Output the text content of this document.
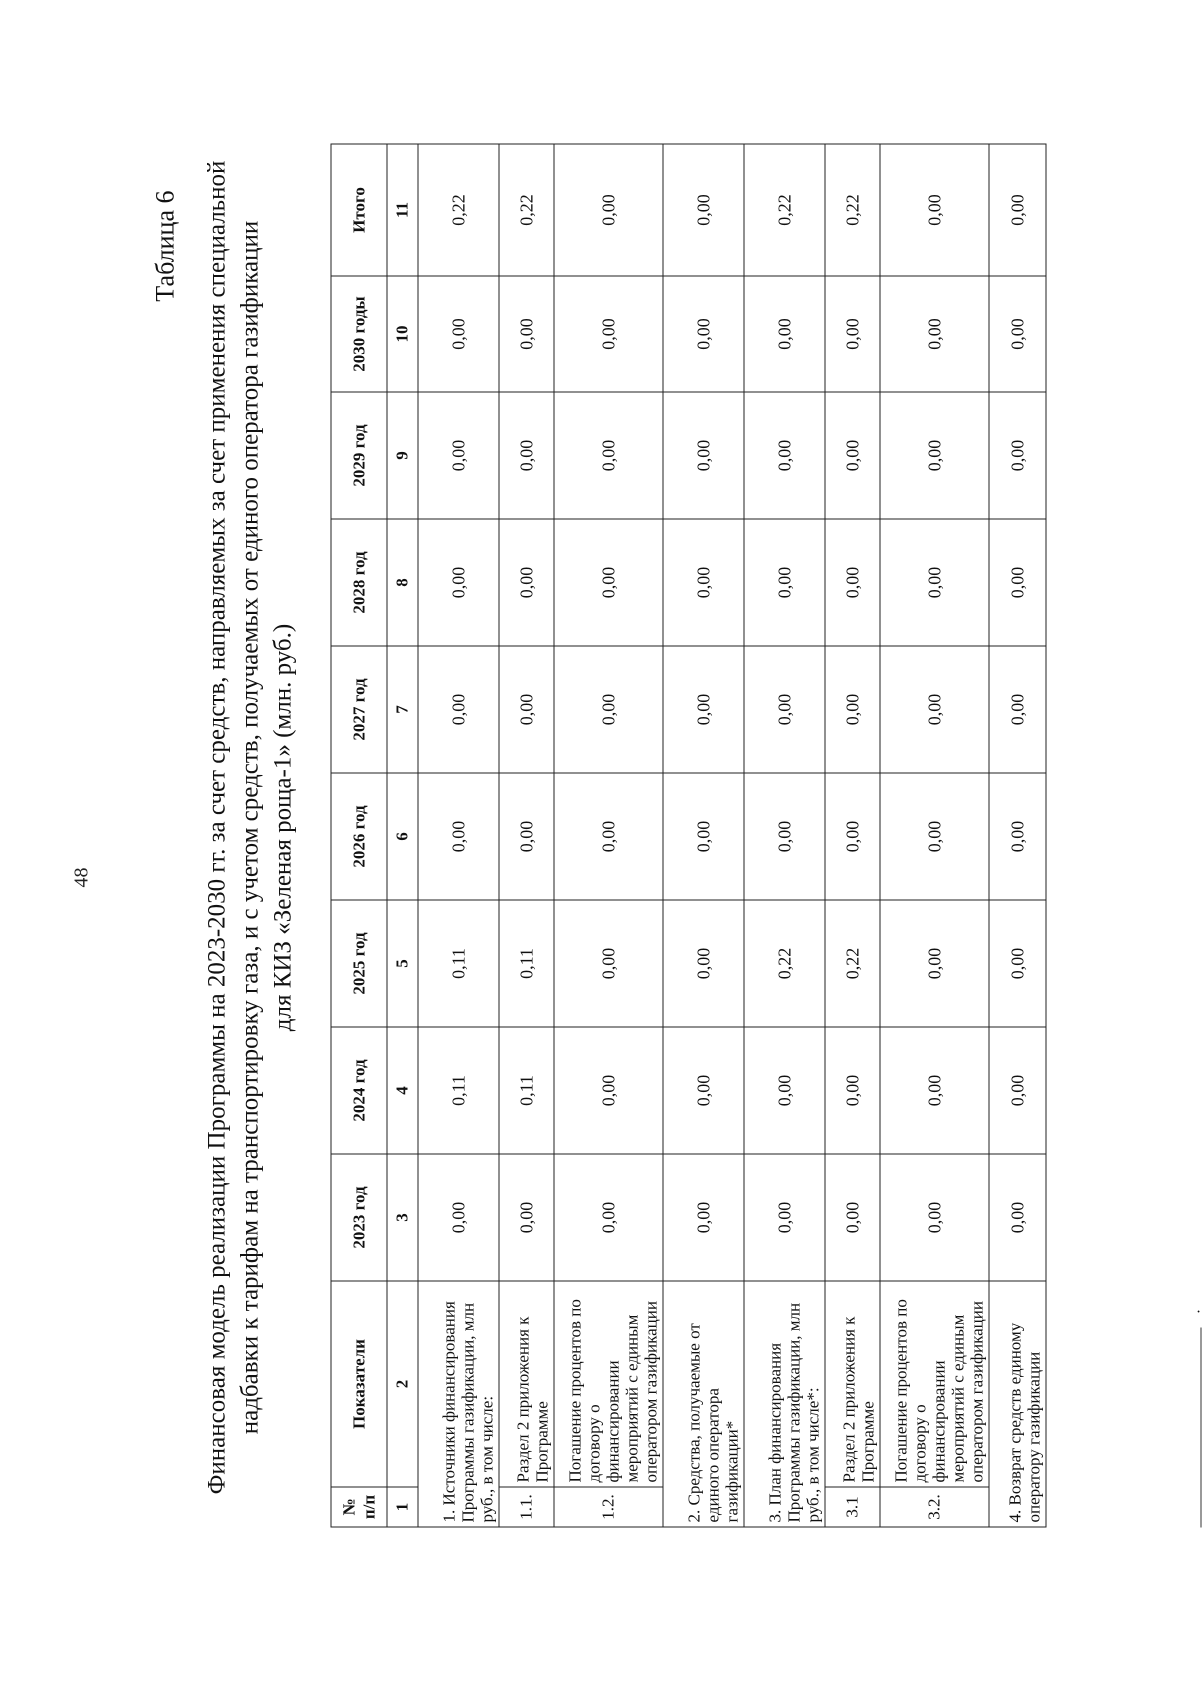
48
Таблица 6 Финансовая модель реализации Программы на 2023-2030 гг. за счет средств, направляемых за счет применения специальной надбавки к тарифам на транспортировку газа, и с учетом средств, получаемых от единого оператора газификации для КИЗ «Зеленая роща-1» (млн. руб.)
№ п/п	Показатели	2023 год	2024 год	2025 год	2026 год	2027 год	2028 год	2029 год	2030 годы	Итого
1	2	3	4	5	6	7	8	9	10	11
1. Источники финансирования Программы газификации, млн руб., в том числе:		0,00	0,11	0,11	0,00	0,00	0,00	0,00	0,00	0,22
1.1.	Раздел 2 приложения к Программе	0,00	0,11	0,11	0,00	0,00	0,00	0,00	0,00	0,22
1.2.	Погашение процентов по договору о финансировании мероприятий с единым оператором газификации	0,00	0,00	0,00	0,00	0,00	0,00	0,00	0,00	0,00
2. Средства, получаемые от единого оператора газификации*		0,00	0,00	0,00	0,00	0,00	0,00	0,00	0,00	0,00
3. План финансирования Программы газификации, млн руб., в том числе*:		0,00	0,00	0,22	0,00	0,00	0,00	0,00	0,00	0,22
3.1	Раздел 2 приложения к Программе	0,00	0,00	0,22	0,00	0,00	0,00	0,00	0,00	0,22
3.2.	Погашение процентов по договору о финансировании мероприятий с единым оператором газификации	0,00	0,00	0,00	0,00	0,00	0,00	0,00	0,00	0,00
4. Возврат средств единому оператору газификации		0,00	0,00	0,00	0,00	0,00	0,00	0,00	0,00	0,00
.
